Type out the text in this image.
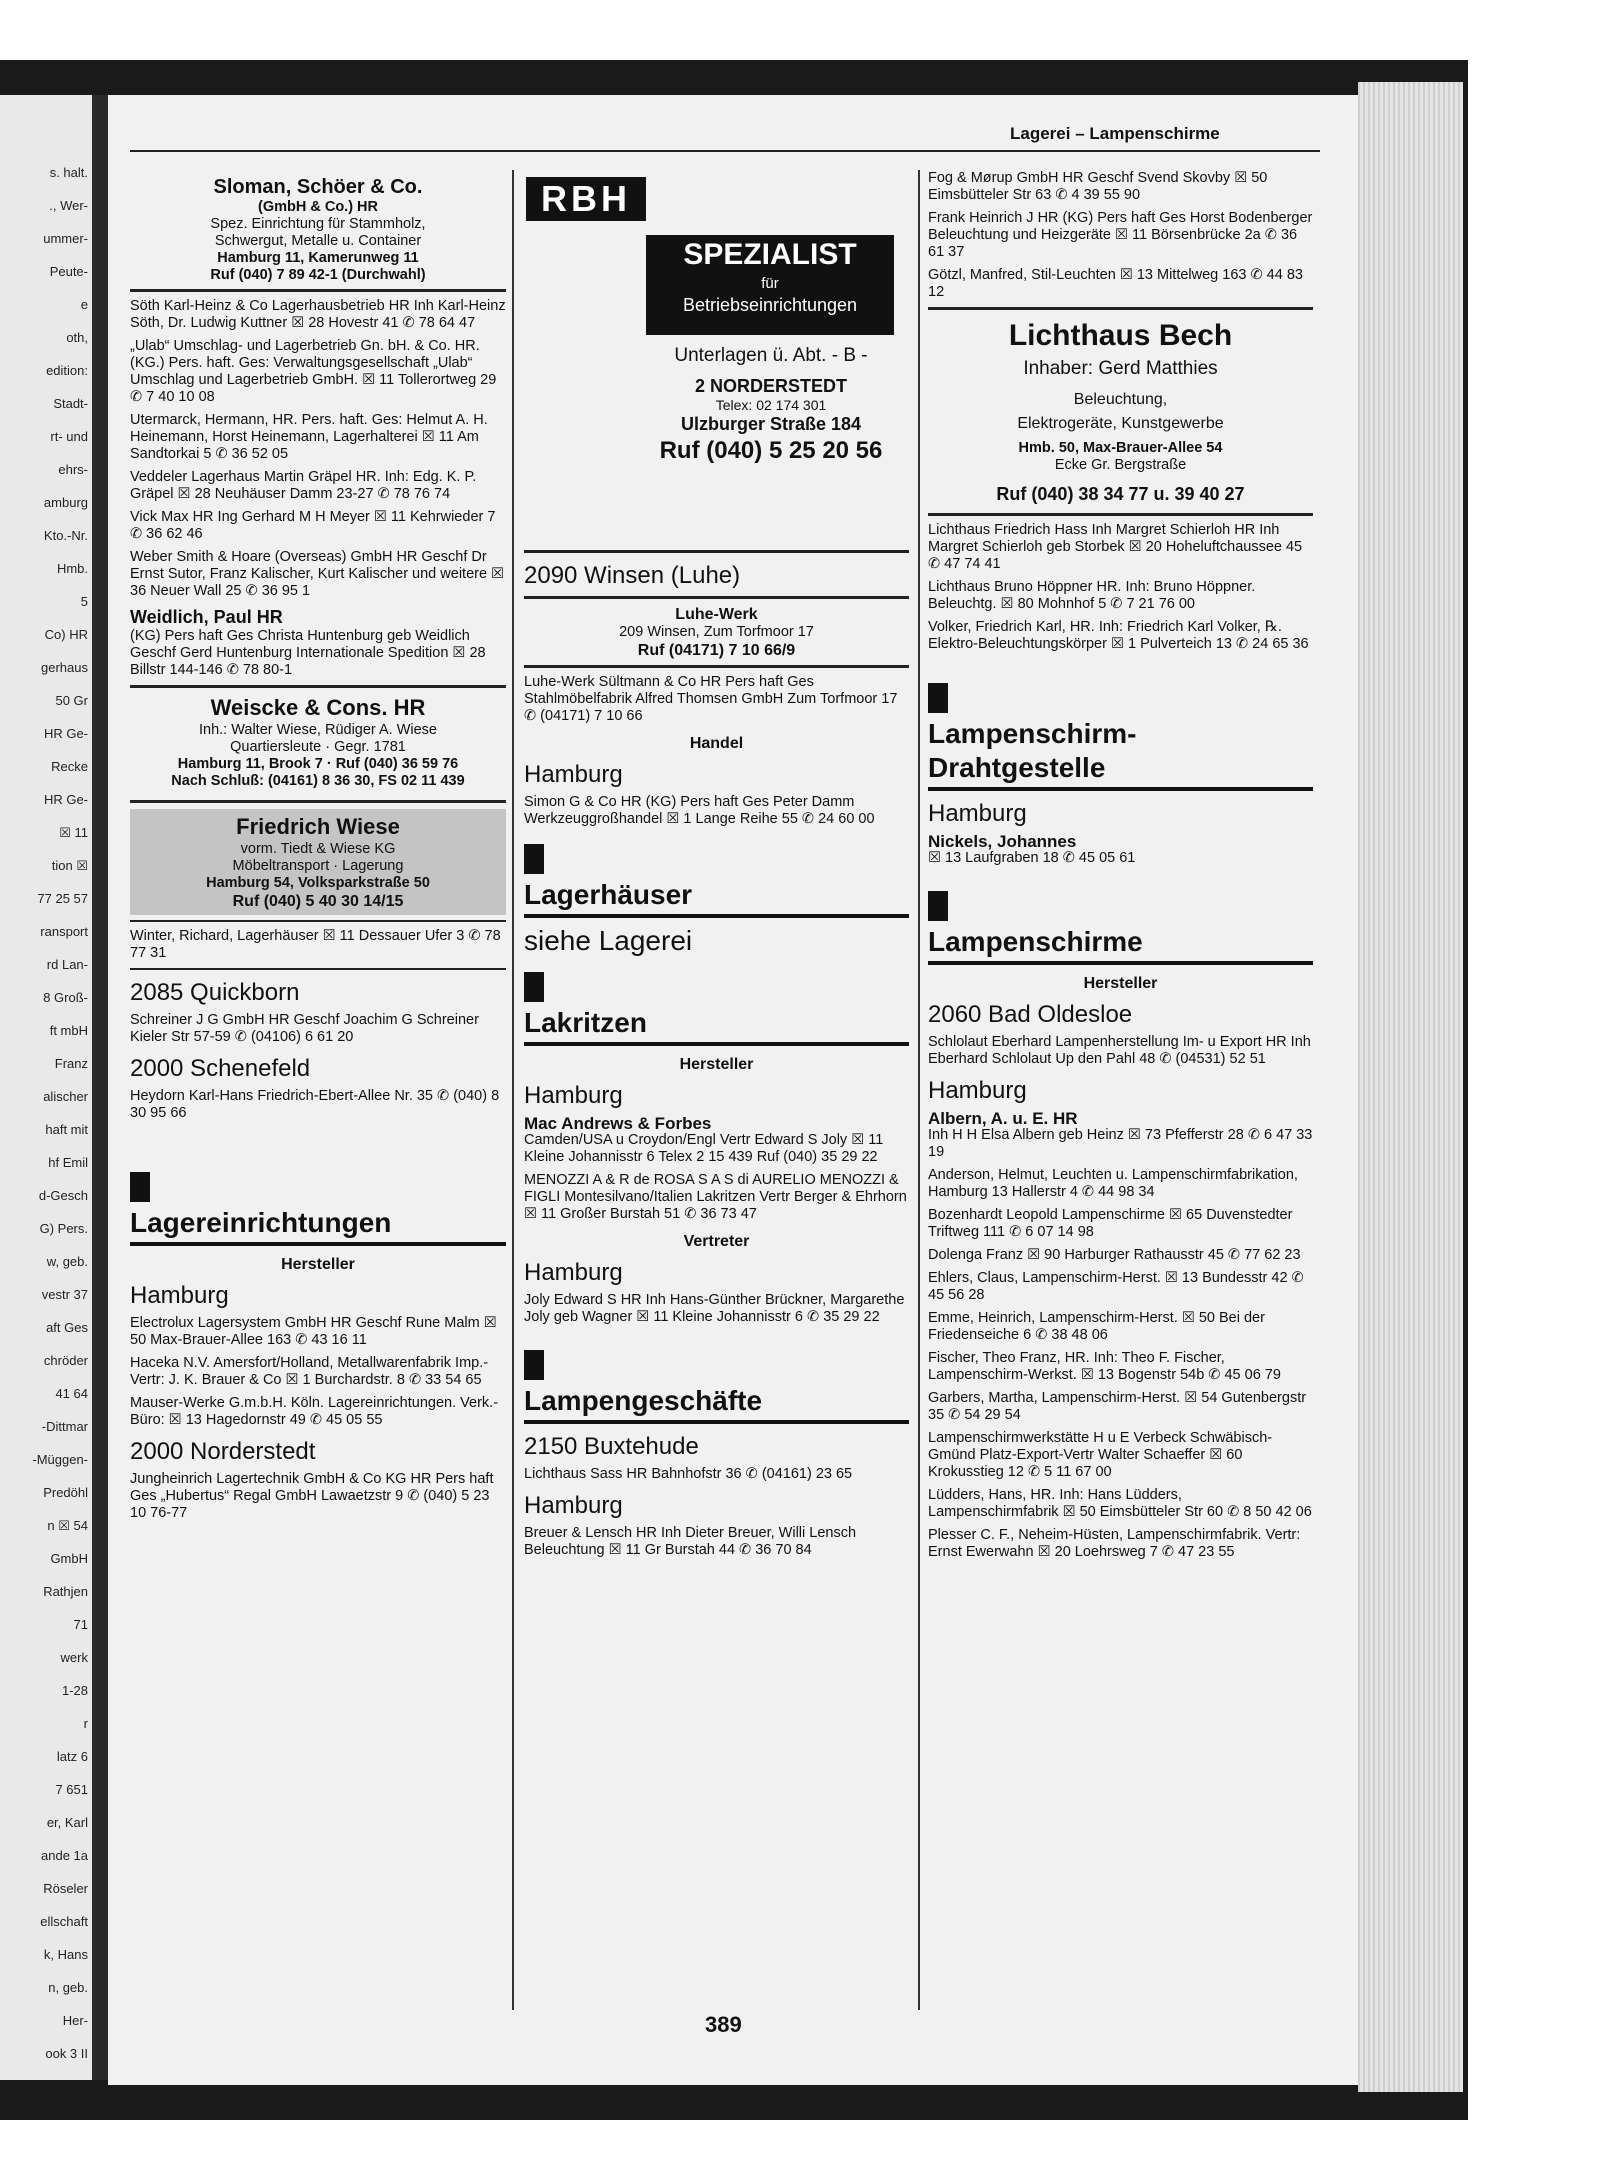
s. halt.
., Wer-
ummer-
Peute-
e
oth,
edition:
Stadt-
rt- und
ehrs-
amburg
Kto.-Nr.
Hmb.
5
Co) HR
gerhaus
50 Gr
HR Ge-
Recke
HR Ge-
☒ 11
tion ☒
77 25 57
ransport
rd Lan-
8 Groß-
ft mbH
Franz
alischer
haft mit
hf Emil
d-Gesch
G) Pers.
w, geb.
vestr 37
aft Ges
chröder
41 64
-Dittmar
-Müggen-
Predöhl
n ☒ 54
GmbH
Rathjen
71
werk
1-28
r
latz 6
7 651
er, Karl
ande 1a
Röseler
ellschaft
k, Hans
n, geb.
Her-
ook 3 II
Lagerei – Lampenschirme
Sloman, Schöer & Co.
(GmbH & Co.) HR
Spez. Einrichtung für Stammholz,
Schwergut, Metalle u. Container
Hamburg 11, Kamerunweg 11
Ruf (040) 7 89 42-1 (Durchwahl)

Söth Karl-Heinz & Co Lagerhausbetrieb HR Inh Karl-Heinz Söth, Dr. Ludwig Kuttner ☒ 28 Hovestr 41 ✆ 78 64 47

„Ulab“ Umschlag- und Lagerbetrieb Gn. bH. & Co. HR. (KG.) Pers. haft. Ges: Verwaltungsgesellschaft „Ulab“ Umschlag und Lagerbetrieb GmbH. ☒ 11 Tollerortweg 29 ✆ 7 40 10 08

Utermarck, Hermann, HR. Pers. haft. Ges: Helmut A. H. Heinemann, Horst Heinemann, Lagerhalterei ☒ 11 Am Sandtorkai 5 ✆ 36 52 05

Veddeler Lagerhaus Martin Gräpel HR. Inh: Edg. K. P. Gräpel ☒ 28 Neuhäuser Damm 23-27 ✆ 78 76 74

Vick Max HR Ing Gerhard M H Meyer ☒ 11 Kehrwieder 7 ✆ 36 62 46

Weber Smith & Hoare (Overseas) GmbH HR Geschf Dr Ernst Sutor, Franz Kalischer, Kurt Kalischer und weitere ☒ 36 Neuer Wall 25 ✆ 36 95 1

Weidlich, Paul HR

(KG) Pers haft Ges Christa Huntenburg geb Weidlich Geschf Gerd Huntenburg Internationale Spedition ☒ 28 Billstr 144-146 ✆ 78 80-1

Weiscke & Cons. HR
Inh.: Walter Wiese, Rüdiger A. Wiese
Quartiersleute · Gegr. 1781
Hamburg 11, Brook 7 · Ruf (040) 36 59 76
Nach Schluß: (04161) 8 36 30, FS 02 11 439
Friedrich Wiese
vorm. Tiedt & Wiese KG
Möbeltransport · Lagerung
Hamburg 54, Volksparkstraße 50
Ruf (040) 5 40 30 14/15

Winter, Richard, Lagerhäuser ☒ 11 Dessauer Ufer 3 ✆ 78 77 31

2085 Quickborn

Schreiner J G GmbH HR Geschf Joachim G Schreiner Kieler Str 57-59 ✆ (04106) 6 61 20

2000 Schenefeld

Heydorn Karl-Hans Friedrich-Ebert-Allee Nr. 35 ✆ (040) 8 30 95 66

Lagereinrichtungen
Hersteller
Hamburg

Electrolux Lagersystem GmbH HR Geschf Rune Malm ☒ 50 Max-Brauer-Allee 163 ✆ 43 16 11

Haceka N.V. Amersfort/Holland, Metallwarenfabrik Imp.-Vertr: J. K. Brauer & Co ☒ 1 Burchardstr. 8 ✆ 33 54 65

Mauser-Werke G.m.b.H. Köln. Lagereinrichtungen. Verk.-Büro: ☒ 13 Hagedornstr 49 ✆ 45 05 55

2000 Norderstedt

Jungheinrich Lagertechnik GmbH & Co KG HR Pers haft Ges „Hubertus“ Regal GmbH Lawaetzstr 9 ✆ (040) 5 23 10 76-77

RBH
SPEZIALIST
für
Betriebseinrichtungen
Unterlagen ü. Abt. - B -
2 NORDERSTEDT
Telex: 02 174 301
Ulzburger Straße 184
Ruf (040) 5 25 20 56
2090 Winsen (Luhe)
Luhe-Werk
209 Winsen, Zum Torfmoor 17
Ruf (04171) 7 10 66/9

Luhe-Werk Sültmann & Co HR Pers haft Ges Stahlmöbelfabrik Alfred Thomsen GmbH Zum Torfmoor 17 ✆ (04171) 7 10 66

Handel
Hamburg

Simon G & Co HR (KG) Pers haft Ges Peter Damm Werkzeuggroßhandel ☒ 1 Lange Reihe 55 ✆ 24 60 00

Lagerhäuser
siehe Lagerei
Lakritzen
Hersteller
Hamburg
Mac Andrews & Forbes

Camden/USA u Croydon/Engl Vertr Edward S Joly ☒ 11 Kleine Johannisstr 6 Telex 2 15 439 Ruf (040) 35 29 22

MENOZZI A & R de ROSA S A S di AURELIO MENOZZI & FIGLI Montesilvano/Italien Lakritzen Vertr Berger & Ehrhorn ☒ 11 Großer Burstah 51 ✆ 36 73 47

Vertreter
Hamburg

Joly Edward S HR Inh Hans-Günther Brückner, Margarethe Joly geb Wagner ☒ 11 Kleine Johannisstr 6 ✆ 35 29 22

Lampengeschäfte
2150 Buxtehude

Lichthaus Sass HR Bahnhofstr 36 ✆ (04161) 23 65

Hamburg

Breuer & Lensch HR Inh Dieter Breuer, Willi Lensch Beleuchtung ☒ 11 Gr Burstah 44 ✆ 36 70 84

Fog & Mørup GmbH HR Geschf Svend Skovby ☒ 50 Eimsbütteler Str 63 ✆ 4 39 55 90

Frank Heinrich J HR (KG) Pers haft Ges Horst Bodenberger Beleuchtung und Heizgeräte ☒ 11 Börsenbrücke 2a ✆ 36 61 37

Götzl, Manfred, Stil-Leuchten ☒ 13 Mittelweg 163 ✆ 44 83 12

Lichthaus Bech
Inhaber: Gerd Matthies
Beleuchtung,
Elektrogeräte, Kunstgewerbe
Hmb. 50, Max-Brauer-Allee 54
Ecke Gr. Bergstraße
Ruf (040) 38 34 77 u. 39 40 27

Lichthaus Friedrich Hass Inh Margret Schierloh HR Inh Margret Schierloh geb Storbek ☒ 20 Hoheluftchaussee 45 ✆ 47 74 41

Lichthaus Bruno Höppner HR. Inh: Bruno Höppner. Beleuchtg. ☒ 80 Mohnhof 5 ✆ 7 21 76 00

Volker, Friedrich Karl, HR. Inh: Friedrich Karl Volker, ℞. Elektro-Beleuchtungskörper ☒ 1 Pulverteich 13 ✆ 24 65 36

Lampenschirm-
Drahtgestelle
Hamburg
Nickels, Johannes

☒ 13 Laufgraben 18 ✆ 45 05 61

Lampenschirme
Hersteller
2060 Bad Oldesloe

Schlolaut Eberhard Lampenherstellung Im- u Export HR Inh Eberhard Schlolaut Up den Pahl 48 ✆ (04531) 52 51

Hamburg
Albern, A. u. E. HR

Inh H H Elsa Albern geb Heinz ☒ 73 Pfefferstr 28 ✆ 6 47 33 19

Anderson, Helmut, Leuchten u. Lampenschirmfabrikation, Hamburg 13 Hallerstr 4 ✆ 44 98 34

Bozenhardt Leopold Lampenschirme ☒ 65 Duvenstedter Triftweg 111 ✆ 6 07 14 98

Dolenga Franz ☒ 90 Harburger Rathausstr 45 ✆ 77 62 23

Ehlers, Claus, Lampenschirm-Herst. ☒ 13 Bundesstr 42 ✆ 45 56 28

Emme, Heinrich, Lampenschirm-Herst. ☒ 50 Bei der Friedenseiche 6 ✆ 38 48 06

Fischer, Theo Franz, HR. Inh: Theo F. Fischer, Lampenschirm-Werkst. ☒ 13 Bogenstr 54b ✆ 45 06 79

Garbers, Martha, Lampenschirm-Herst. ☒ 54 Gutenbergstr 35 ✆ 54 29 54

Lampenschirmwerkstätte H u E Verbeck Schwäbisch-Gmünd Platz-Export-Vertr Walter Schaeffer ☒ 60 Krokusstieg 12 ✆ 5 11 67 00

Lüdders, Hans, HR. Inh: Hans Lüdders, Lampenschirmfabrik ☒ 50 Eimsbütteler Str 60 ✆ 8 50 42 06

Plesser C. F., Neheim-Hüsten, Lampenschirmfabrik. Vertr: Ernst Ewerwahn ☒ 20 Loehrsweg 7 ✆ 47 23 55

389
